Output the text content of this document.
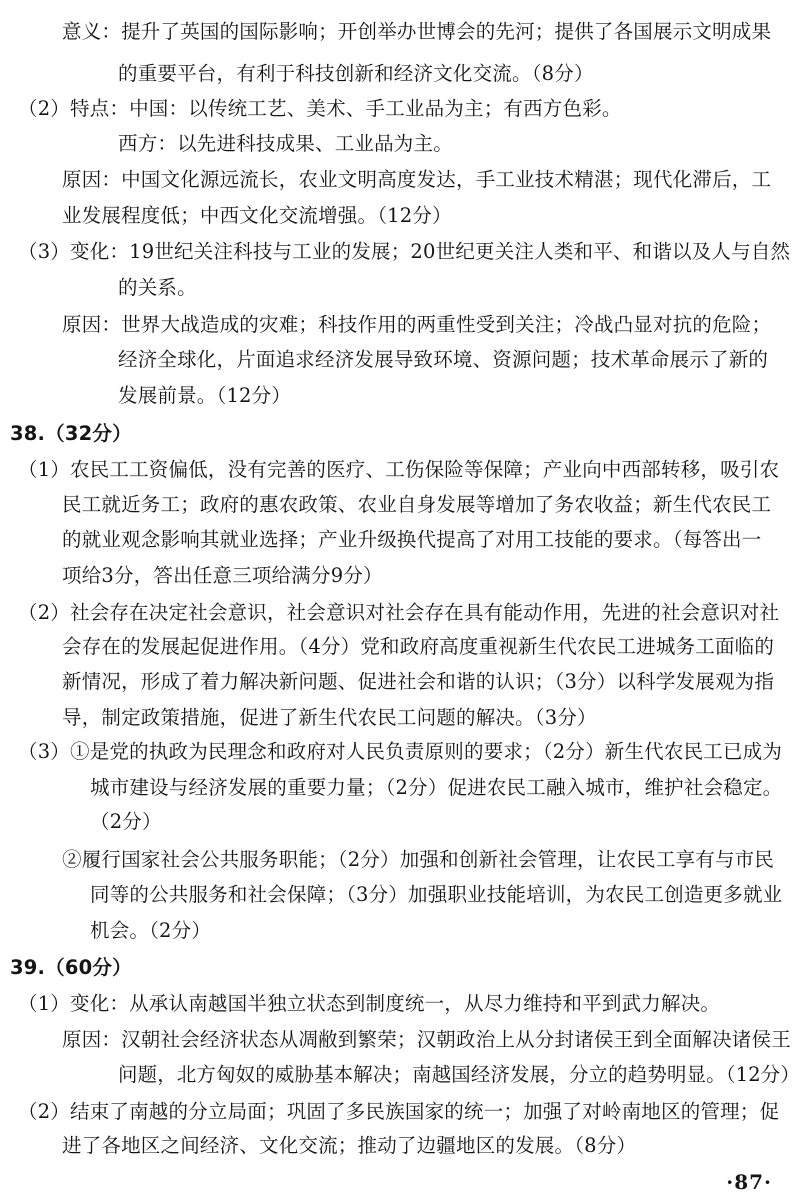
意义：提升了英国的国际影响；开创举办世博会的先河；提供了各国展示文明成果
的重要平台，有利于科技创新和经济文化交流。（8分）
（2）特点：中国：以传统工艺、美术、手工业品为主；有西方色彩。
西方：以先进科技成果、工业品为主。
原因：中国文化源远流长，农业文明高度发达，手工业技术精湛；现代化滞后，工
业发展程度低；中西文化交流增强。（12分）
（3）变化：19世纪关注科技与工业的发展；20世纪更关注人类和平、和谐以及人与自然
的关系。
原因：世界大战造成的灾难；科技作用的两重性受到关注；冷战凸显对抗的危险；
经济全球化，片面追求经济发展导致环境、资源问题；技术革命展示了新的
发展前景。（12分）
38.（32分）
（1）农民工工资偏低，没有完善的医疗、工伤保险等保障；产业向中西部转移，吸引农
民工就近务工；政府的惠农政策、农业自身发展等增加了务农收益；新生代农民工
的就业观念影响其就业选择；产业升级换代提高了对用工技能的要求。（每答出一
项给3分，答出任意三项给满分9分）
（2）社会存在决定社会意识，社会意识对社会存在具有能动作用，先进的社会意识对社
会存在的发展起促进作用。（4分）党和政府高度重视新生代农民工进城务工面临的
新情况，形成了着力解决新问题、促进社会和谐的认识；（3分）以科学发展观为指
导，制定政策措施，促进了新生代农民工问题的解决。（3分）
（3）①是党的执政为民理念和政府对人民负责原则的要求；（2分）新生代农民工已成为
城市建设与经济发展的重要力量；（2分）促进农民工融入城市，维护社会稳定。
（2分）
②履行国家社会公共服务职能；（2分）加强和创新社会管理，让农民工享有与市民
同等的公共服务和社会保障；（3分）加强职业技能培训，为农民工创造更多就业
机会。（2分）
39.（60分）
（1）变化：从承认南越国半独立状态到制度统一，从尽力维持和平到武力解决。
原因：汉朝社会经济状态从凋敝到繁荣；汉朝政治上从分封诸侯王到全面解决诸侯王
问题，北方匈奴的威胁基本解决；南越国经济发展，分立的趋势明显。（12分）
（2）结束了南越的分立局面；巩固了多民族国家的统一；加强了对岭南地区的管理；促
进了各地区之间经济、文化交流；推动了边疆地区的发展。（8分）
·87·
